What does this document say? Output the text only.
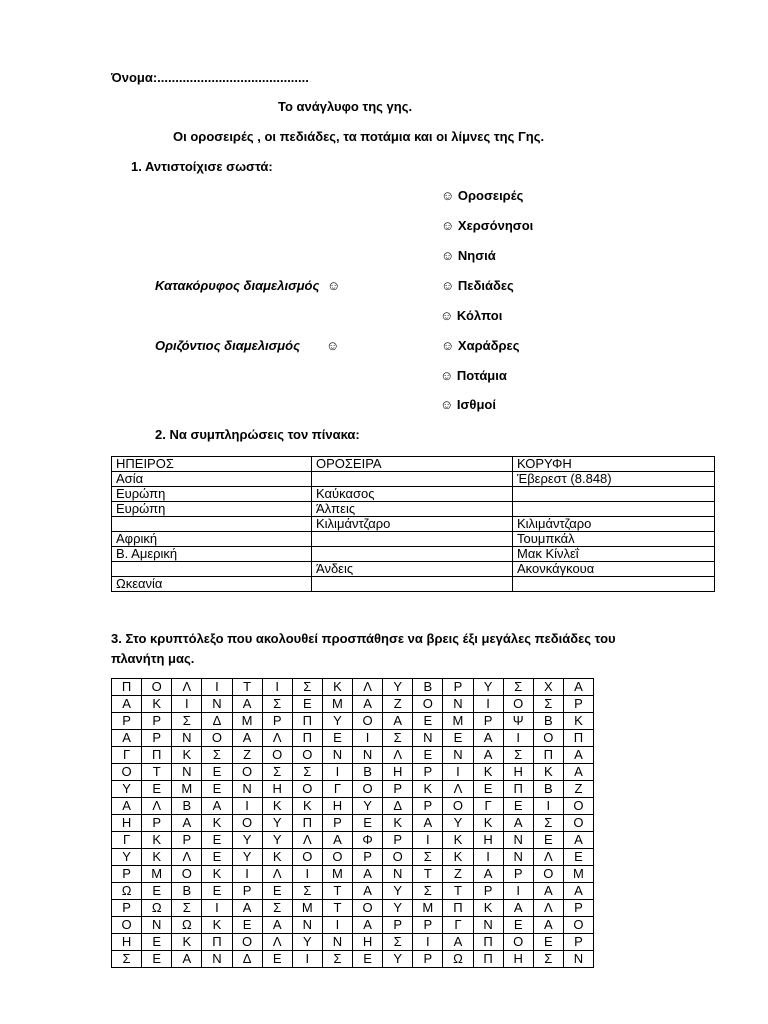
Όνομα:..........................................
Το ανάγλυφο της γης.
Οι οροσειρές , οι πεδιάδες, τα ποτάμια και οι λίμνες της Γης.
1. Αντιστοίχισε σωστά:
☺ Οροσειρές
☺ Χερσόνησοι
☺ Νησιά
☺ Πεδιάδες
☺ Κόλποι
☺ Χαράδρες
☺ Ποτάμια
☺ Ισθμοί
Κατακόρυφος διαμελισμός ☺
Οριζόντιος διαμελισμός ☺
2. Να συμπληρώσεις τον πίνακα:
ΗΠΕΙΡΟΣ	ΟΡΟΣΕΙΡΑ	ΚΟΡΥΦΗ
Ασία		Έβερεστ (8.848)
Ευρώπη	Καύκασος	
Ευρώπη	Άλπεις	
	Κιλιμάντζαρο	Κιλιμάντζαρο
Αφρική		Τουμπκάλ
Β. Αμερική		Μακ Κίνλεΐ
	Άνδεις	Ακονκάγκουα
Ωκεανία		
3. Στο κρυπτόλεξο που ακολουθεί προσπάθησε να βρεις έξι μεγάλες πεδιάδες του
πλανήτη μας.
Π	Ο	Λ	Ι	Τ	Ι	Σ	Κ	Λ	Υ	Β	Ρ	Υ	Σ	Χ	Α
Α	Κ	Ι	Ν	Α	Σ	Ε	Μ	Α	Ζ	Ο	Ν	Ι	Ο	Σ	Ρ
Ρ	Ρ	Σ	Δ	Μ	Ρ	Π	Υ	Ο	Α	Ε	Μ	Ρ	Ψ	Β	Κ
Α	Ρ	Ν	Ο	Α	Λ	Π	Ε	Ι	Σ	Ν	Ε	Α	Ι	Ο	Π
Γ	Π	Κ	Σ	Ζ	Ο	Ο	Ν	Ν	Λ	Ε	Ν	Α	Σ	Π	Α
Ο	Τ	Ν	Ε	Ο	Σ	Σ	Ι	Β	Η	Ρ	Ι	Κ	Η	Κ	Α
Υ	Ε	Μ	Ε	Ν	Η	Ο	Γ	Ο	Ρ	Κ	Λ	Ε	Π	Β	Ζ
Α	Λ	Β	Α	Ι	Κ	Κ	Η	Υ	Δ	Ρ	Ο	Γ	Ε	Ι	Ο
Η	Ρ	Α	Κ	Ο	Υ	Π	Ρ	Ε	Κ	Α	Υ	Κ	Α	Σ	Ο
Γ	Κ	Ρ	Ε	Υ	Υ	Λ	Α	Φ	Ρ	Ι	Κ	Η	Ν	Ε	Α
Υ	Κ	Λ	Ε	Υ	Κ	Ο	Ο	Ρ	Ο	Σ	Κ	Ι	Ν	Λ	Ε
Ρ	Μ	Ο	Κ	Ι	Λ	Ι	Μ	Α	Ν	Τ	Ζ	Α	Ρ	Ο	Μ
Ω	Ε	Β	Ε	Ρ	Ε	Σ	Τ	Α	Υ	Σ	Τ	Ρ	Ι	Α	Α
Ρ	Ω	Σ	Ι	Α	Σ	Μ	Τ	Ο	Υ	Μ	Π	Κ	Α	Λ	Ρ
Ο	Ν	Ω	Κ	Ε	Α	Ν	Ι	Α	Ρ	Ρ	Γ	Ν	Ε	Α	Ο
Η	Ε	Κ	Π	Ο	Λ	Υ	Ν	Η	Σ	Ι	Α	Π	Ο	Ε	Ρ
Σ	Ε	Α	Ν	Δ	Ε	Ι	Σ	Ε	Υ	Ρ	Ω	Π	Η	Σ	Ν
